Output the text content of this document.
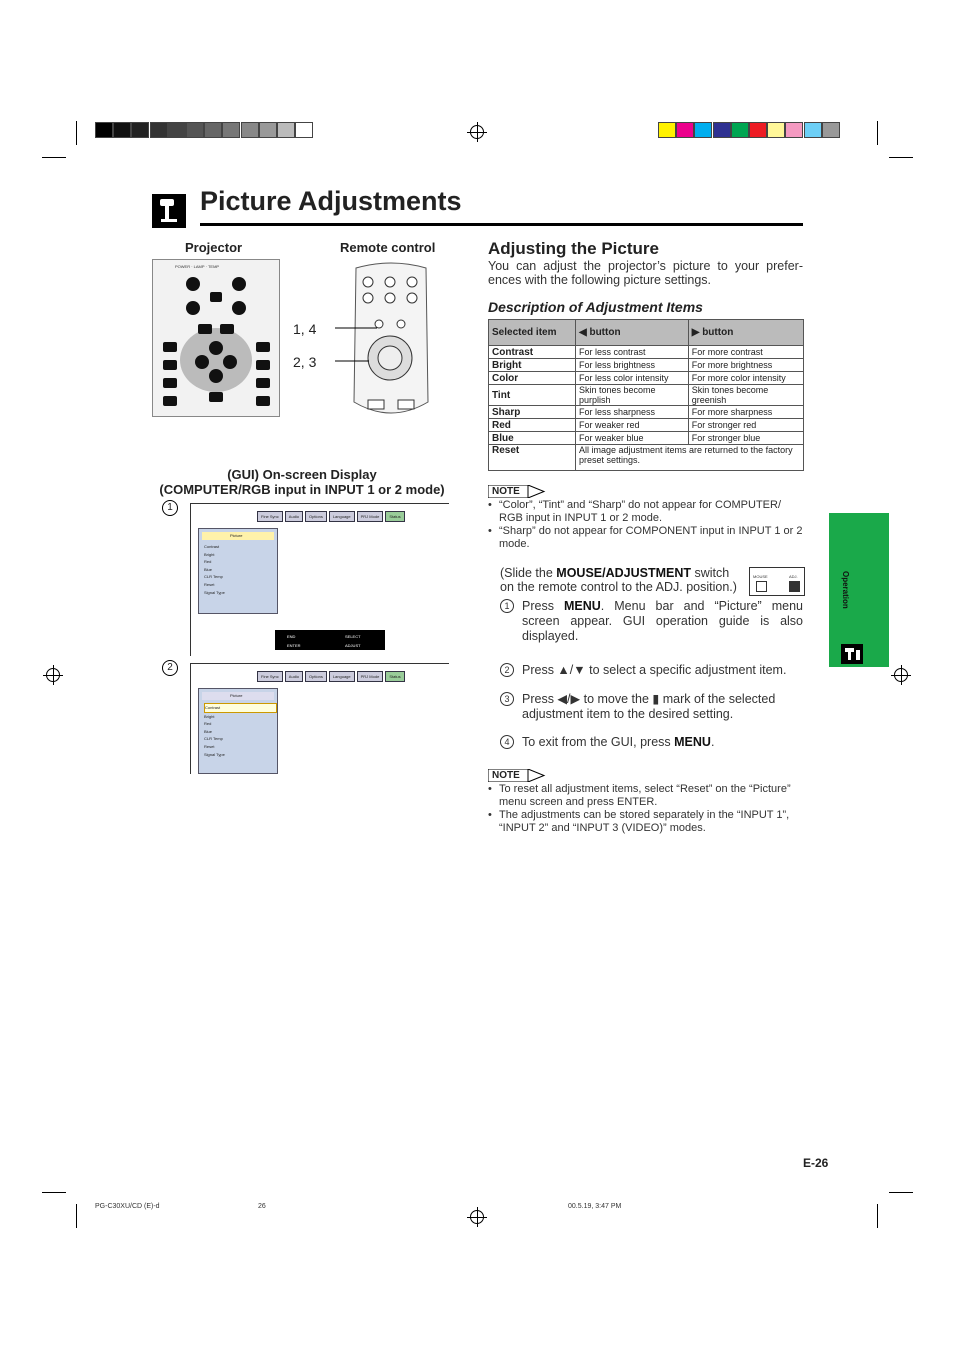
Picture Adjustments
Projector	Remote control
POWER · LAMP · TEMP
1, 4
2, 3
(GUI) On-screen Display
(COMPUTER/RGB input in INPUT 1 or 2 mode)
1
Fine Sync	Audio	Options	Language	PRJ Mode	Status
Picture
Contrast
Bright
Red
Blue
CLR Temp
Reset
Signal Type
END
ENTER
SELECT
ADJUST
2
Fine Sync	Audio	Options	Language	PRJ Mode	Status
Picture
Contrast
Bright
Red
Blue
CLR Temp
Reset
Signal Type
Adjusting the Picture
You can adjust the projector’s picture to your prefer-ences with the following picture settings.
Description of Adjustment Items
Selected item	◀ button	▶ button
Contrast	For less contrast	For more contrast
Bright	For less brightness	For more brightness
Color	For less color intensity	For more color intensity
Tint	Skin tones become purplish	Skin tones become greenish
Sharp	For less sharpness	For more sharpness
Red	For weaker red	For stronger red
Blue	For weaker blue	For stronger blue
Reset	All image adjustment items are returned to the factory preset settings.	
NOTE
• “Color”, “Tint” and “Sharp” do not appear for COMPUTER/ RGB input in INPUT 1 or 2 mode.
• “Sharp” do not appear for COMPONENT input in INPUT 1 or 2 mode.
(Slide the MOUSE/ADJUSTMENT switch on the remote control to the ADJ. position.)
MOUSE	ADJ.
1	Press MENU. Menu bar and “Picture” menu screen appear. GUI operation guide is also displayed.
2	Press ▲/▼ to select a specific adjustment item.
3	Press ◀/▶ to move the ▮ mark of the selected adjustment item to the desired setting.
4	To exit from the GUI, press MENU.
NOTE
• To reset all adjustment items, select “Reset” on the “Picture” menu screen and press ENTER.
• The adjustments can be stored separately in the “INPUT 1”, “INPUT 2” and “INPUT 3 (VIDEO)” modes.
Operation
E-26
PG-C30XU/CD (E)-d	26	00.5.19, 3:47 PM
